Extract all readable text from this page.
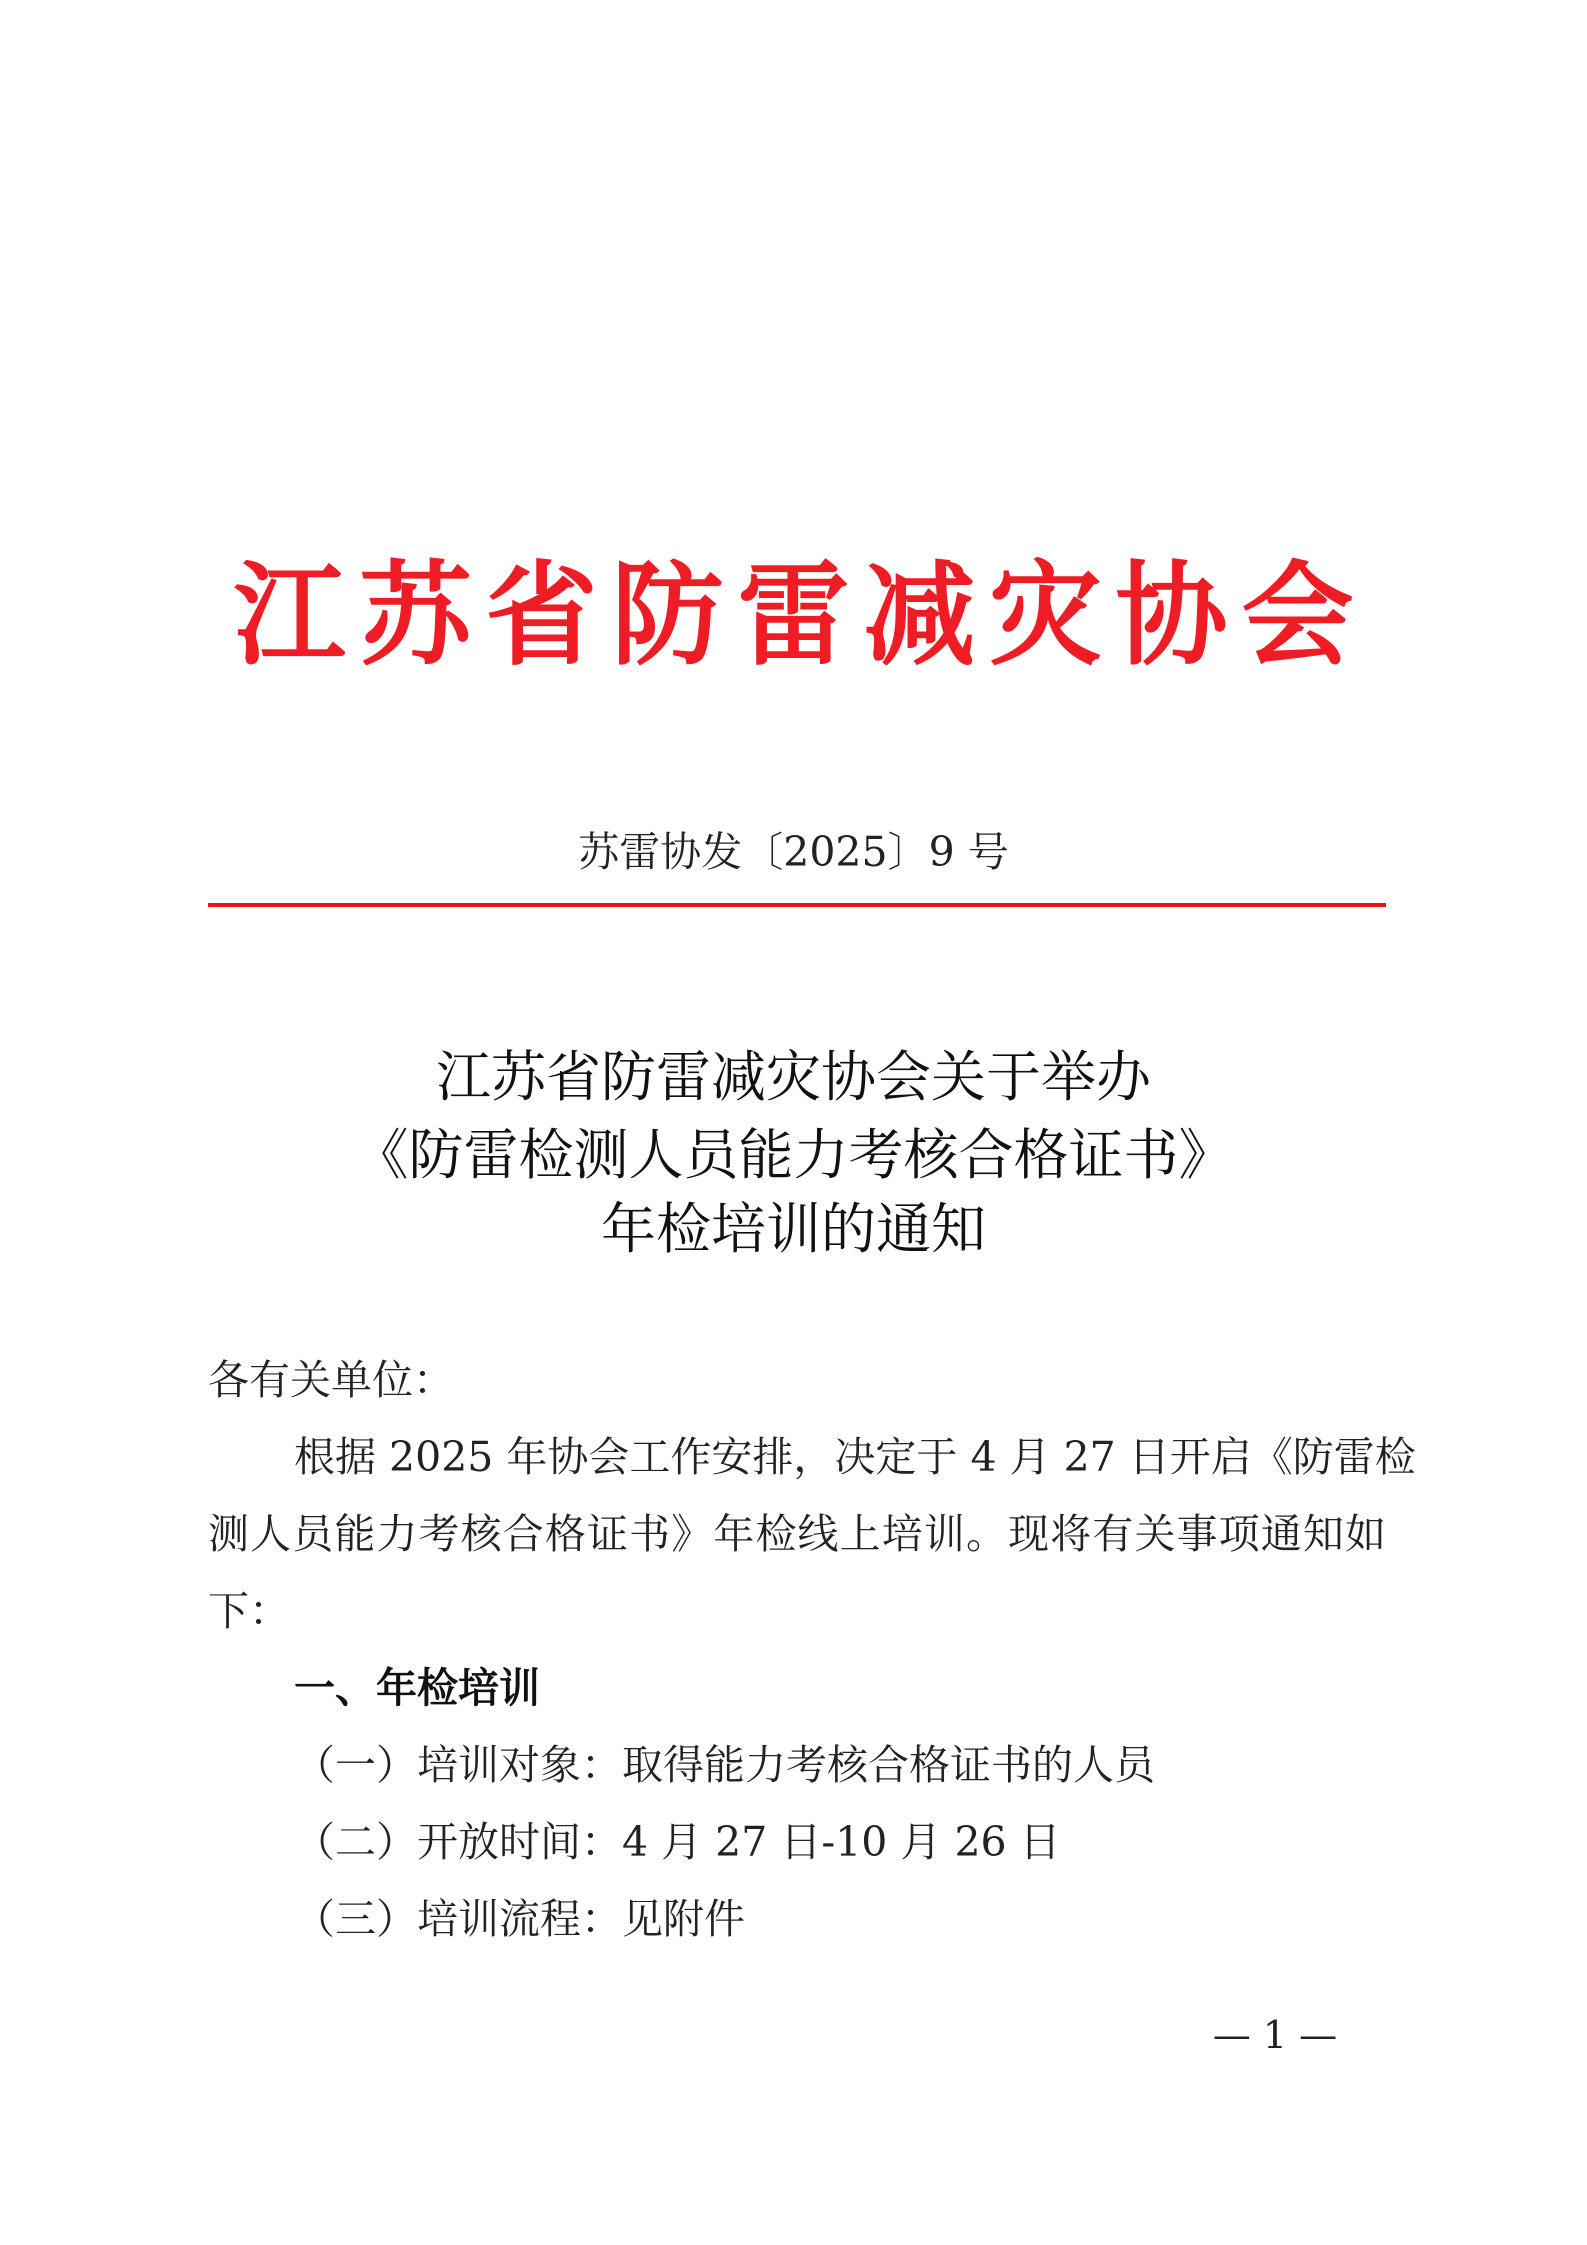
江苏省防雷减灾协会
苏雷协发〔2025〕9 号
江苏省防雷减灾协会关于举办
《防雷检测人员能力考核合格证书》
年检培训的通知
各有关单位：
根据 2025 年协会工作安排，决定于 4 月 27 日开启《防雷检
测人员能力考核合格证书》年检线上培训。现将有关事项通知如
下：
一、年检培训
（一）培训对象：取得能力考核合格证书的人员
（二）开放时间：4 月 27 日-10 月 26 日
（三）培训流程：见附件
— 1 —
